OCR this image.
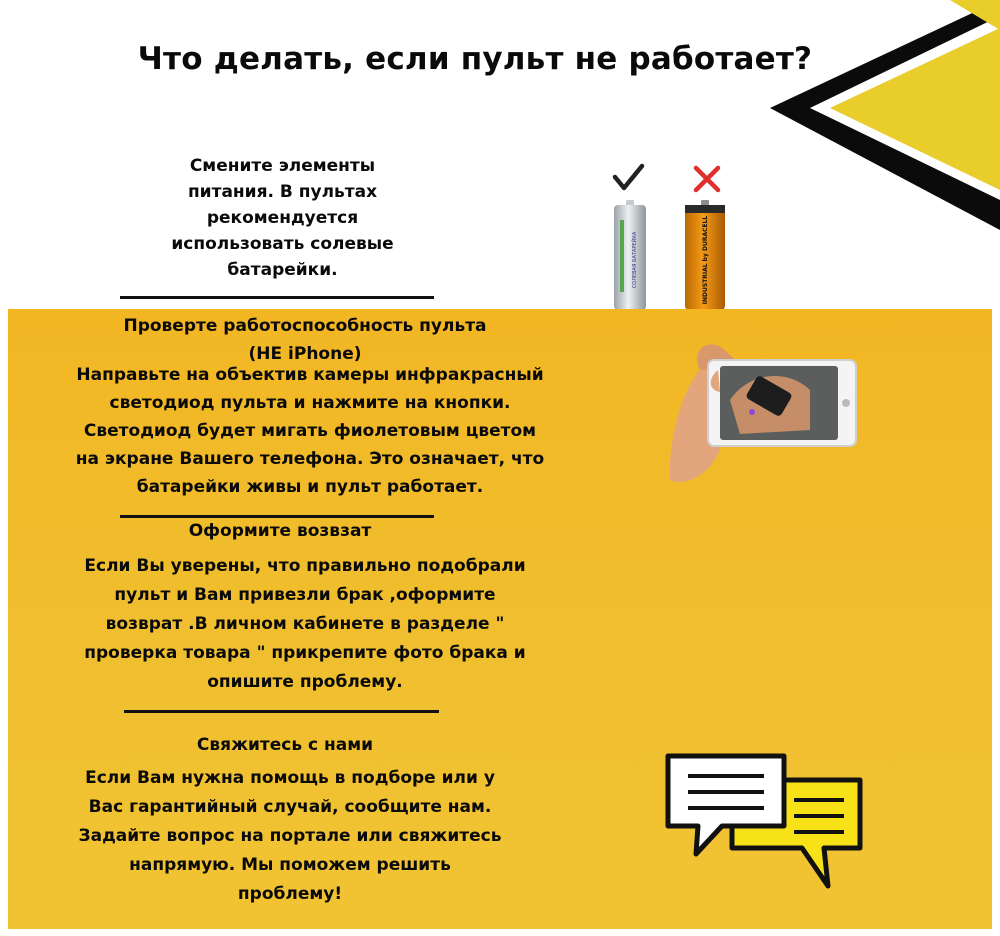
Что делать, если пульт не работает?
Смените элементы
питания. В пультах
рекомендуется
использовать солевые
батарейки.	СОЛЕВАЯ БАТАРЕЙКА	INDUSTRIAL by DURACELL
Проверте работоспособность пульта
(НЕ iPhone)
Направьте на объектив камеры инфракрасный
светодиод пульта и нажмите на кнопки.
Светодиод будет мигать фиолетовым цветом
на экране Вашего телефона. Это означает, что
батарейки живы и пульт работает.
Оформите возвзат
Если Вы уверены, что правильно подобрали
пульт и Вам привезли брак ,оформите
возврат .В личном кабинете в разделе "
проверка товара " прикрепите фото брака и
опишите проблему.
Свяжитесь с нами
Если Вам нужна помощь в подборе или у
Вас гарантийный случай, сообщите нам.
Задайте вопрос на портале или свяжитесь
напрямую. Мы поможем решить
проблему!
